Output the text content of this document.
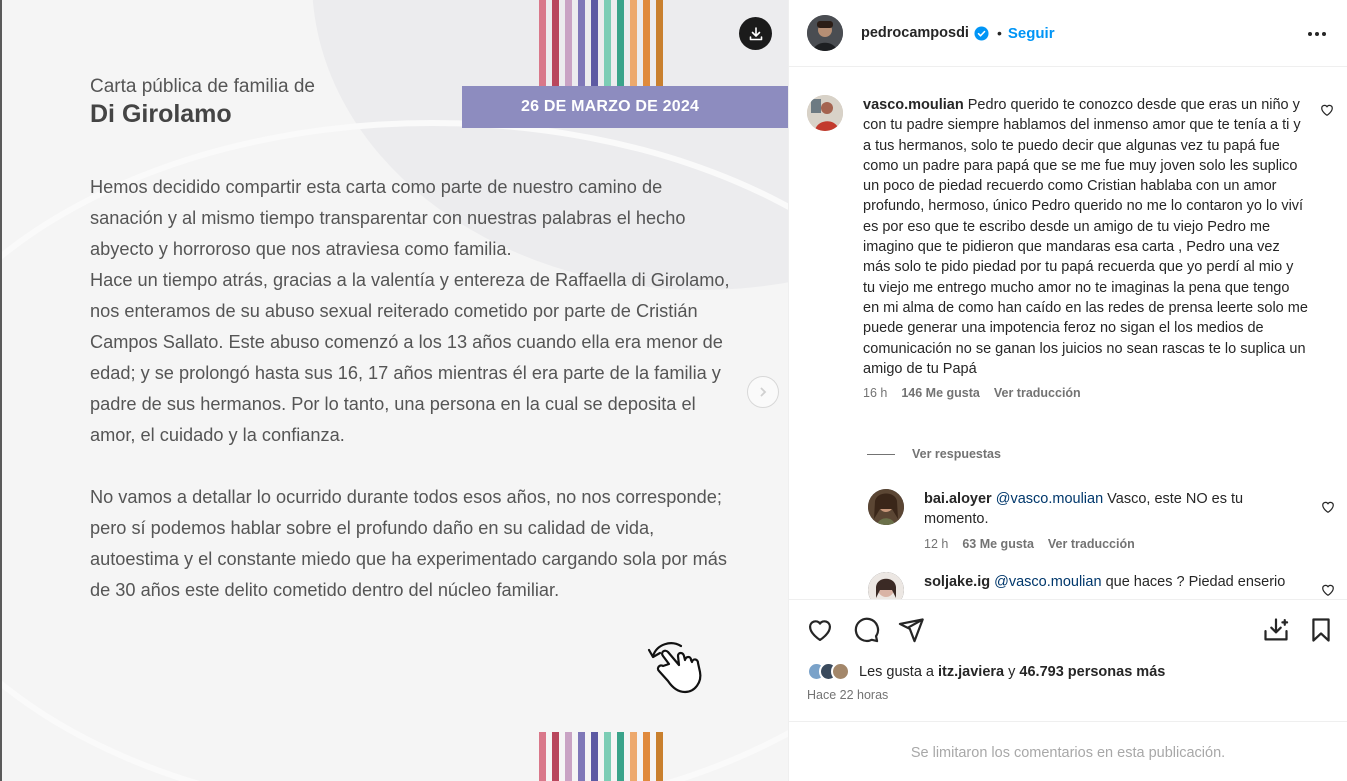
26 DE MARZO DE 2024
Carta pública de familia de
Di Girolamo

Hemos decidido compartir esta carta como parte de nuestro camino de sanación y al mismo tiempo transparentar con nuestras palabras el hecho abyecto y horroroso que nos atraviesa como familia.
Hace un tiempo atrás, gracias a la valentía y entereza de Raffaella di Girolamo, nos enteramos de su abuso sexual reiterado cometido por parte de Cristián Campos Sallato. Este abuso comenzó a los 13 años cuando ella era menor de edad; y se prolongó hasta sus 16, 17 años mientras él era parte de la familia y padre de sus hermanos. Por lo tanto, una persona en la cual se deposita el amor, el cuidado y la confianza.

No vamos a detallar lo ocurrido durante todos esos años, no nos corresponde; pero sí podemos hablar sobre el profundo daño en su calidad de vida, autoestima y el constante miedo que ha experimentado cargando sola por más de 30 años este delito cometido dentro del núcleo familiar.

pedrocamposdi • Seguir
vasco.moulian Pedro querido te conozco desde que eras un niño y con tu padre siempre hablamos del inmenso amor que te tenía a ti y a tus hermanos, solo te puedo decir que algunas vez tu papá fue como un padre para papá que se me fue muy joven solo les suplico un poco de piedad recuerdo como Cristian hablaba con un amor profundo, hermoso, único Pedro querido no me lo contaron yo lo viví es por eso que te escribo desde un amigo de tu viejo Pedro me imagino que te pidieron que mandaras esa carta , Pedro una vez más solo te pido piedad por tu papá recuerda que yo perdí al mio y tu viejo me entrego mucho amor no te imaginas la pena que tengo en mi alma de como han caído en las redes de prensa leerte solo me puede generar una impotencia feroz no sigan el los medios de comunicación no se ganan los juicios no sean rascas te lo suplica un amigo de tu Papá
16 h 146 Me gusta Ver traducción
Ver respuestas
bai.aloyer @vasco.moulian Vasco, este NO es tu momento.
12 h 63 Me gusta Ver traducción
soljake.ig @vasco.moulian que haces ? Piedad enserio
Les gusta a
itz.javiera
y
46.793 personas más
Hace 22 horas
Se limitaron los comentarios en esta publicación.
